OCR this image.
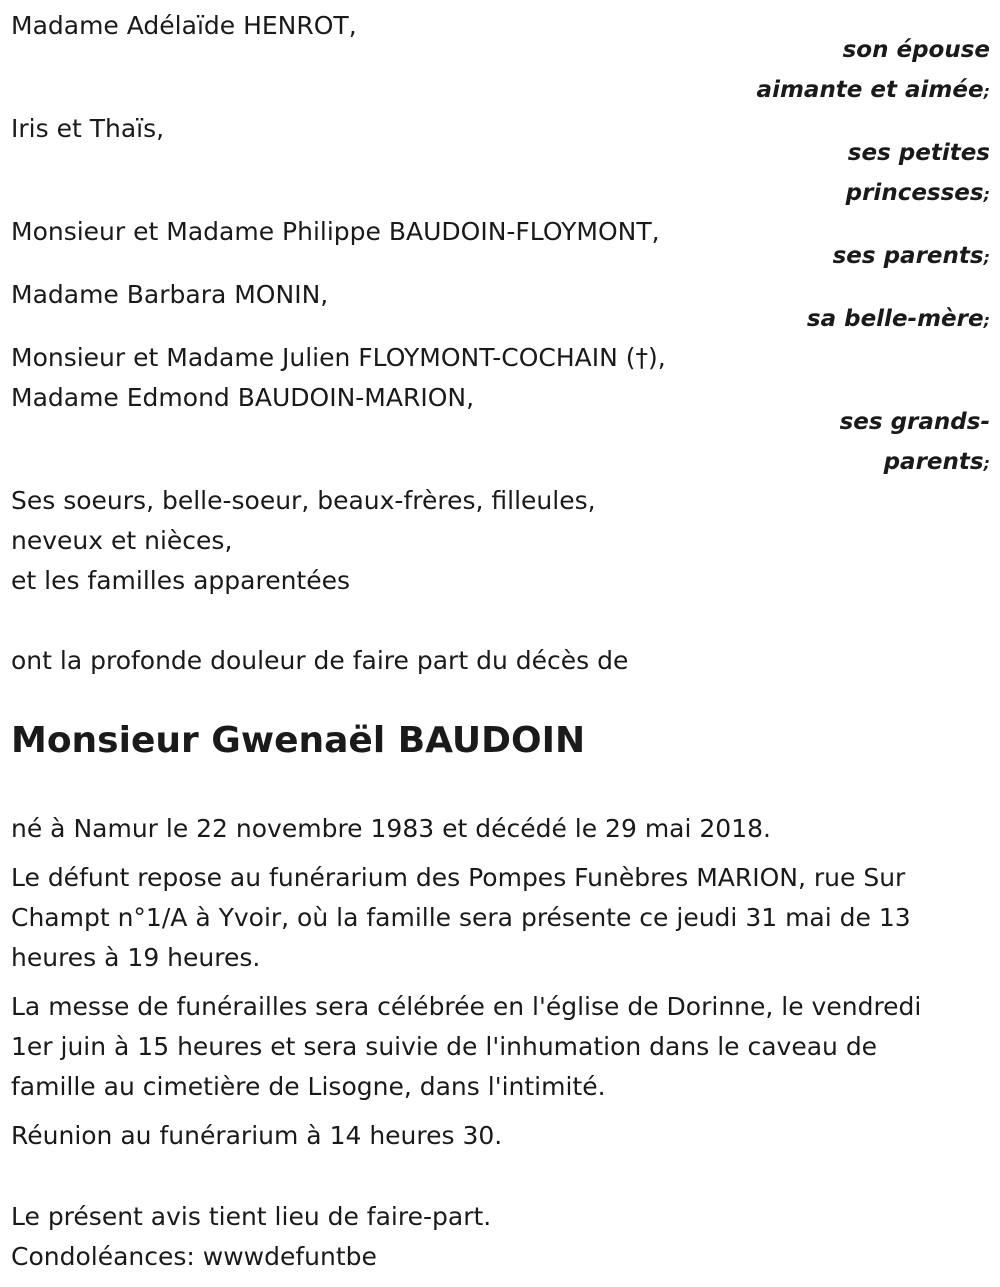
Madame Adélaïde HENROT,
son épouse
aimante et aimée;
Iris et Thaïs,
ses petites
princesses;
Monsieur et Madame Philippe BAUDOIN-FLOYMONT,
ses parents;
Madame Barbara MONIN,
sa belle-mère;
Monsieur et Madame Julien FLOYMONT-COCHAIN (†),
Madame Edmond BAUDOIN-MARION,
ses grands-
parents;
Ses soeurs, belle-soeur, beaux-frères, filleules,
neveux et nièces,
et les familles apparentées
ont la profonde douleur de faire part du décès de
Monsieur Gwenaël BAUDOIN
né à Namur le 22 novembre 1983 et décédé le 29 mai 2018.
Le défunt repose au funérarium des Pompes Funèbres MARION, rue Sur
Champt n°1/A à Yvoir, où la famille sera présente ce jeudi 31 mai de 13
heures à 19 heures.
La messe de funérailles sera célébrée en l'église de Dorinne, le vendredi
1er juin à 15 heures et sera suivie de l'inhumation dans le caveau de
famille au cimetière de Lisogne, dans l'intimité.
Réunion au funérarium à 14 heures 30.
Le présent avis tient lieu de faire-part.
Condoléances: wwwdefuntbe
